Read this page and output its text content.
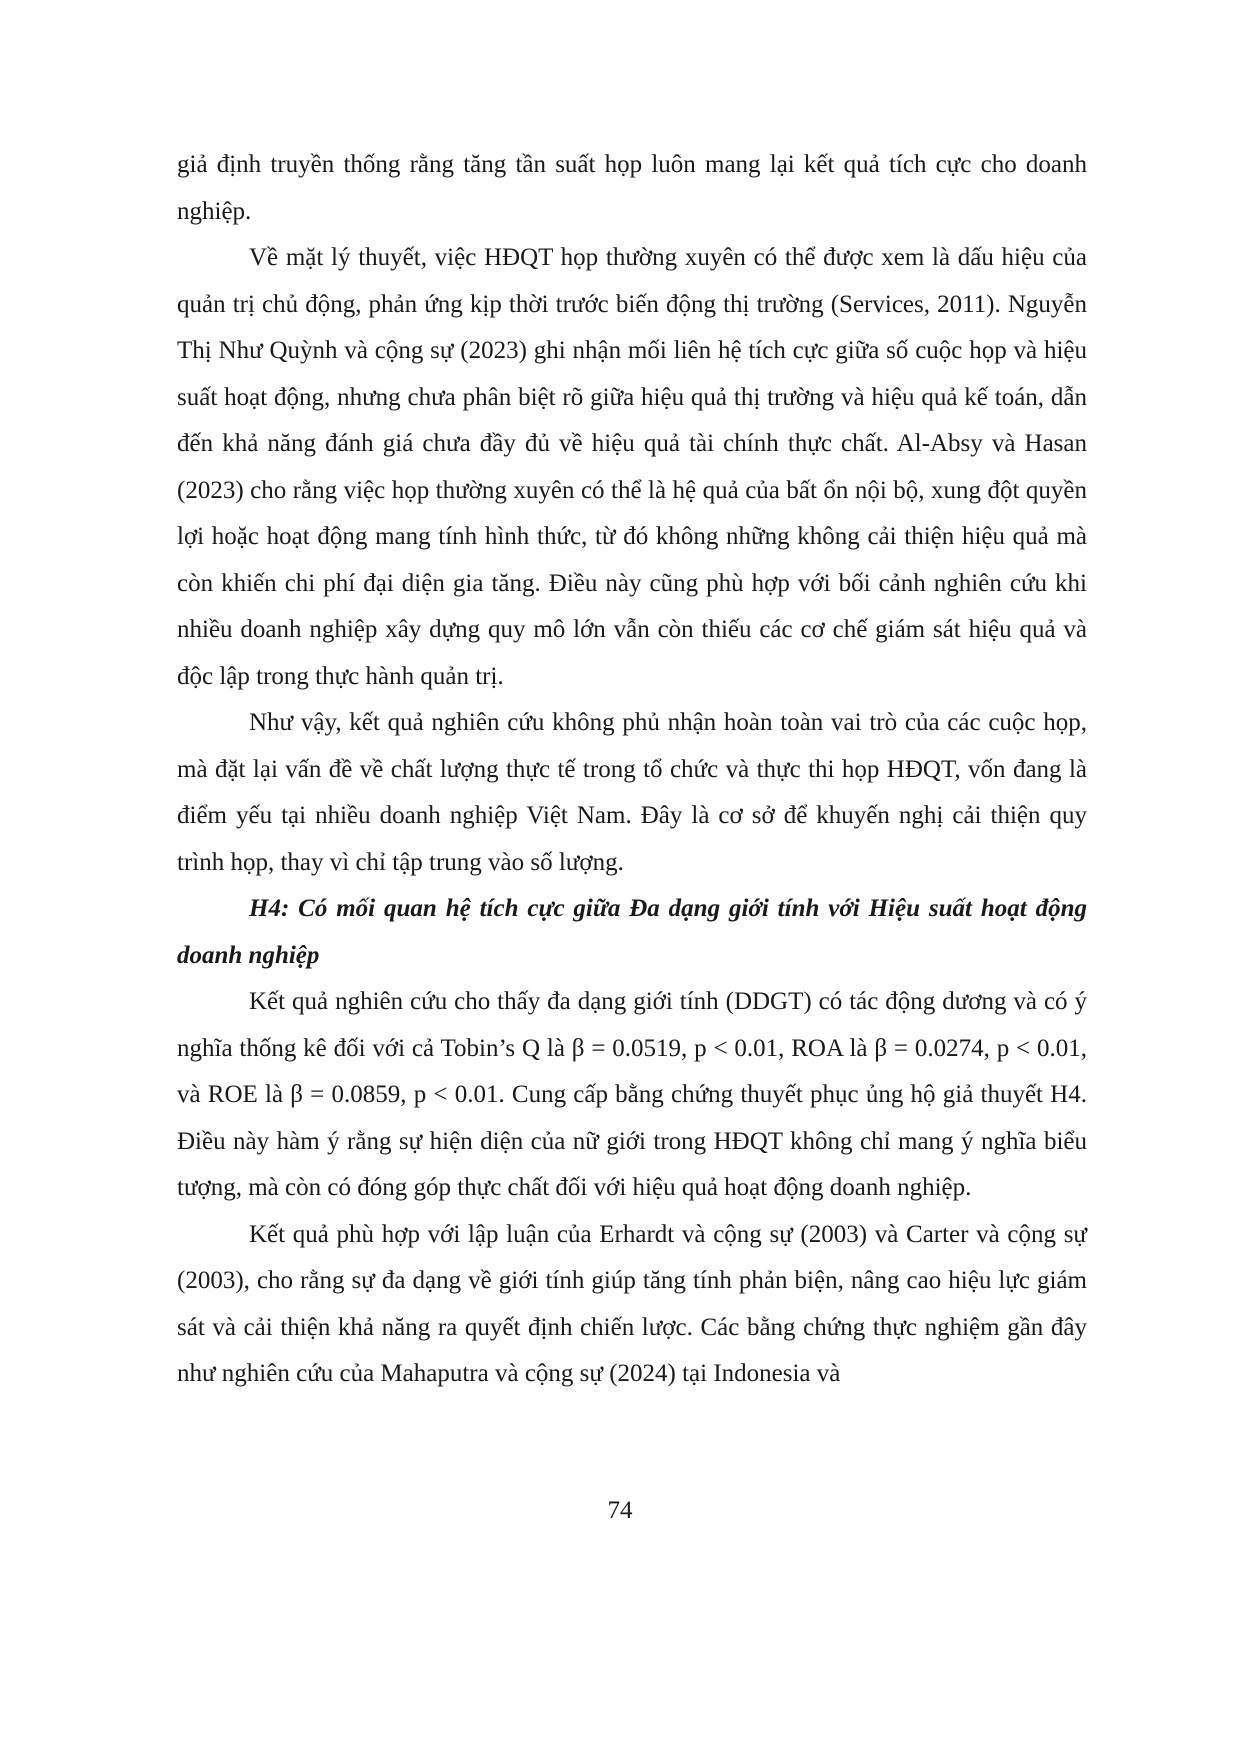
giả định truyền thống rằng tăng tần suất họp luôn mang lại kết quả tích cực cho doanh nghiệp.

Về mặt lý thuyết, việc HĐQT họp thường xuyên có thể được xem là dấu hiệu của quản trị chủ động, phản ứng kịp thời trước biến động thị trường (Services, 2011). Nguyễn Thị Như Quỳnh và cộng sự (2023) ghi nhận mối liên hệ tích cực giữa số cuộc họp và hiệu suất hoạt động, nhưng chưa phân biệt rõ giữa hiệu quả thị trường và hiệu quả kế toán, dẫn đến khả năng đánh giá chưa đầy đủ về hiệu quả tài chính thực chất. Al-Absy và Hasan (2023) cho rằng việc họp thường xuyên có thể là hệ quả của bất ổn nội bộ, xung đột quyền lợi hoặc hoạt động mang tính hình thức, từ đó không những không cải thiện hiệu quả mà còn khiến chi phí đại diện gia tăng. Điều này cũng phù hợp với bối cảnh nghiên cứu khi nhiều doanh nghiệp xây dựng quy mô lớn vẫn còn thiếu các cơ chế giám sát hiệu quả và độc lập trong thực hành quản trị.

Như vậy, kết quả nghiên cứu không phủ nhận hoàn toàn vai trò của các cuộc họp, mà đặt lại vấn đề về chất lượng thực tế trong tổ chức và thực thi họp HĐQT, vốn đang là điểm yếu tại nhiều doanh nghiệp Việt Nam. Đây là cơ sở để khuyến nghị cải thiện quy trình họp, thay vì chỉ tập trung vào số lượng.

H4: Có mối quan hệ tích cực giữa Đa dạng giới tính với Hiệu suất hoạt động doanh nghiệp

Kết quả nghiên cứu cho thấy đa dạng giới tính (DDGT) có tác động dương và có ý nghĩa thống kê đối với cả Tobin’s Q là β = 0.0519, p < 0.01, ROA là β = 0.0274, p < 0.01, và ROE là β = 0.0859, p < 0.01. Cung cấp bằng chứng thuyết phục ủng hộ giả thuyết H4. Điều này hàm ý rằng sự hiện diện của nữ giới trong HĐQT không chỉ mang ý nghĩa biểu tượng, mà còn có đóng góp thực chất đối với hiệu quả hoạt động doanh nghiệp.

Kết quả phù hợp với lập luận của Erhardt và cộng sự (2003) và Carter và cộng sự (2003), cho rằng sự đa dạng về giới tính giúp tăng tính phản biện, nâng cao hiệu lực giám sát và cải thiện khả năng ra quyết định chiến lược. Các bằng chứng thực nghiệm gần đây như nghiên cứu của Mahaputra và cộng sự (2024) tại Indonesia và

74
